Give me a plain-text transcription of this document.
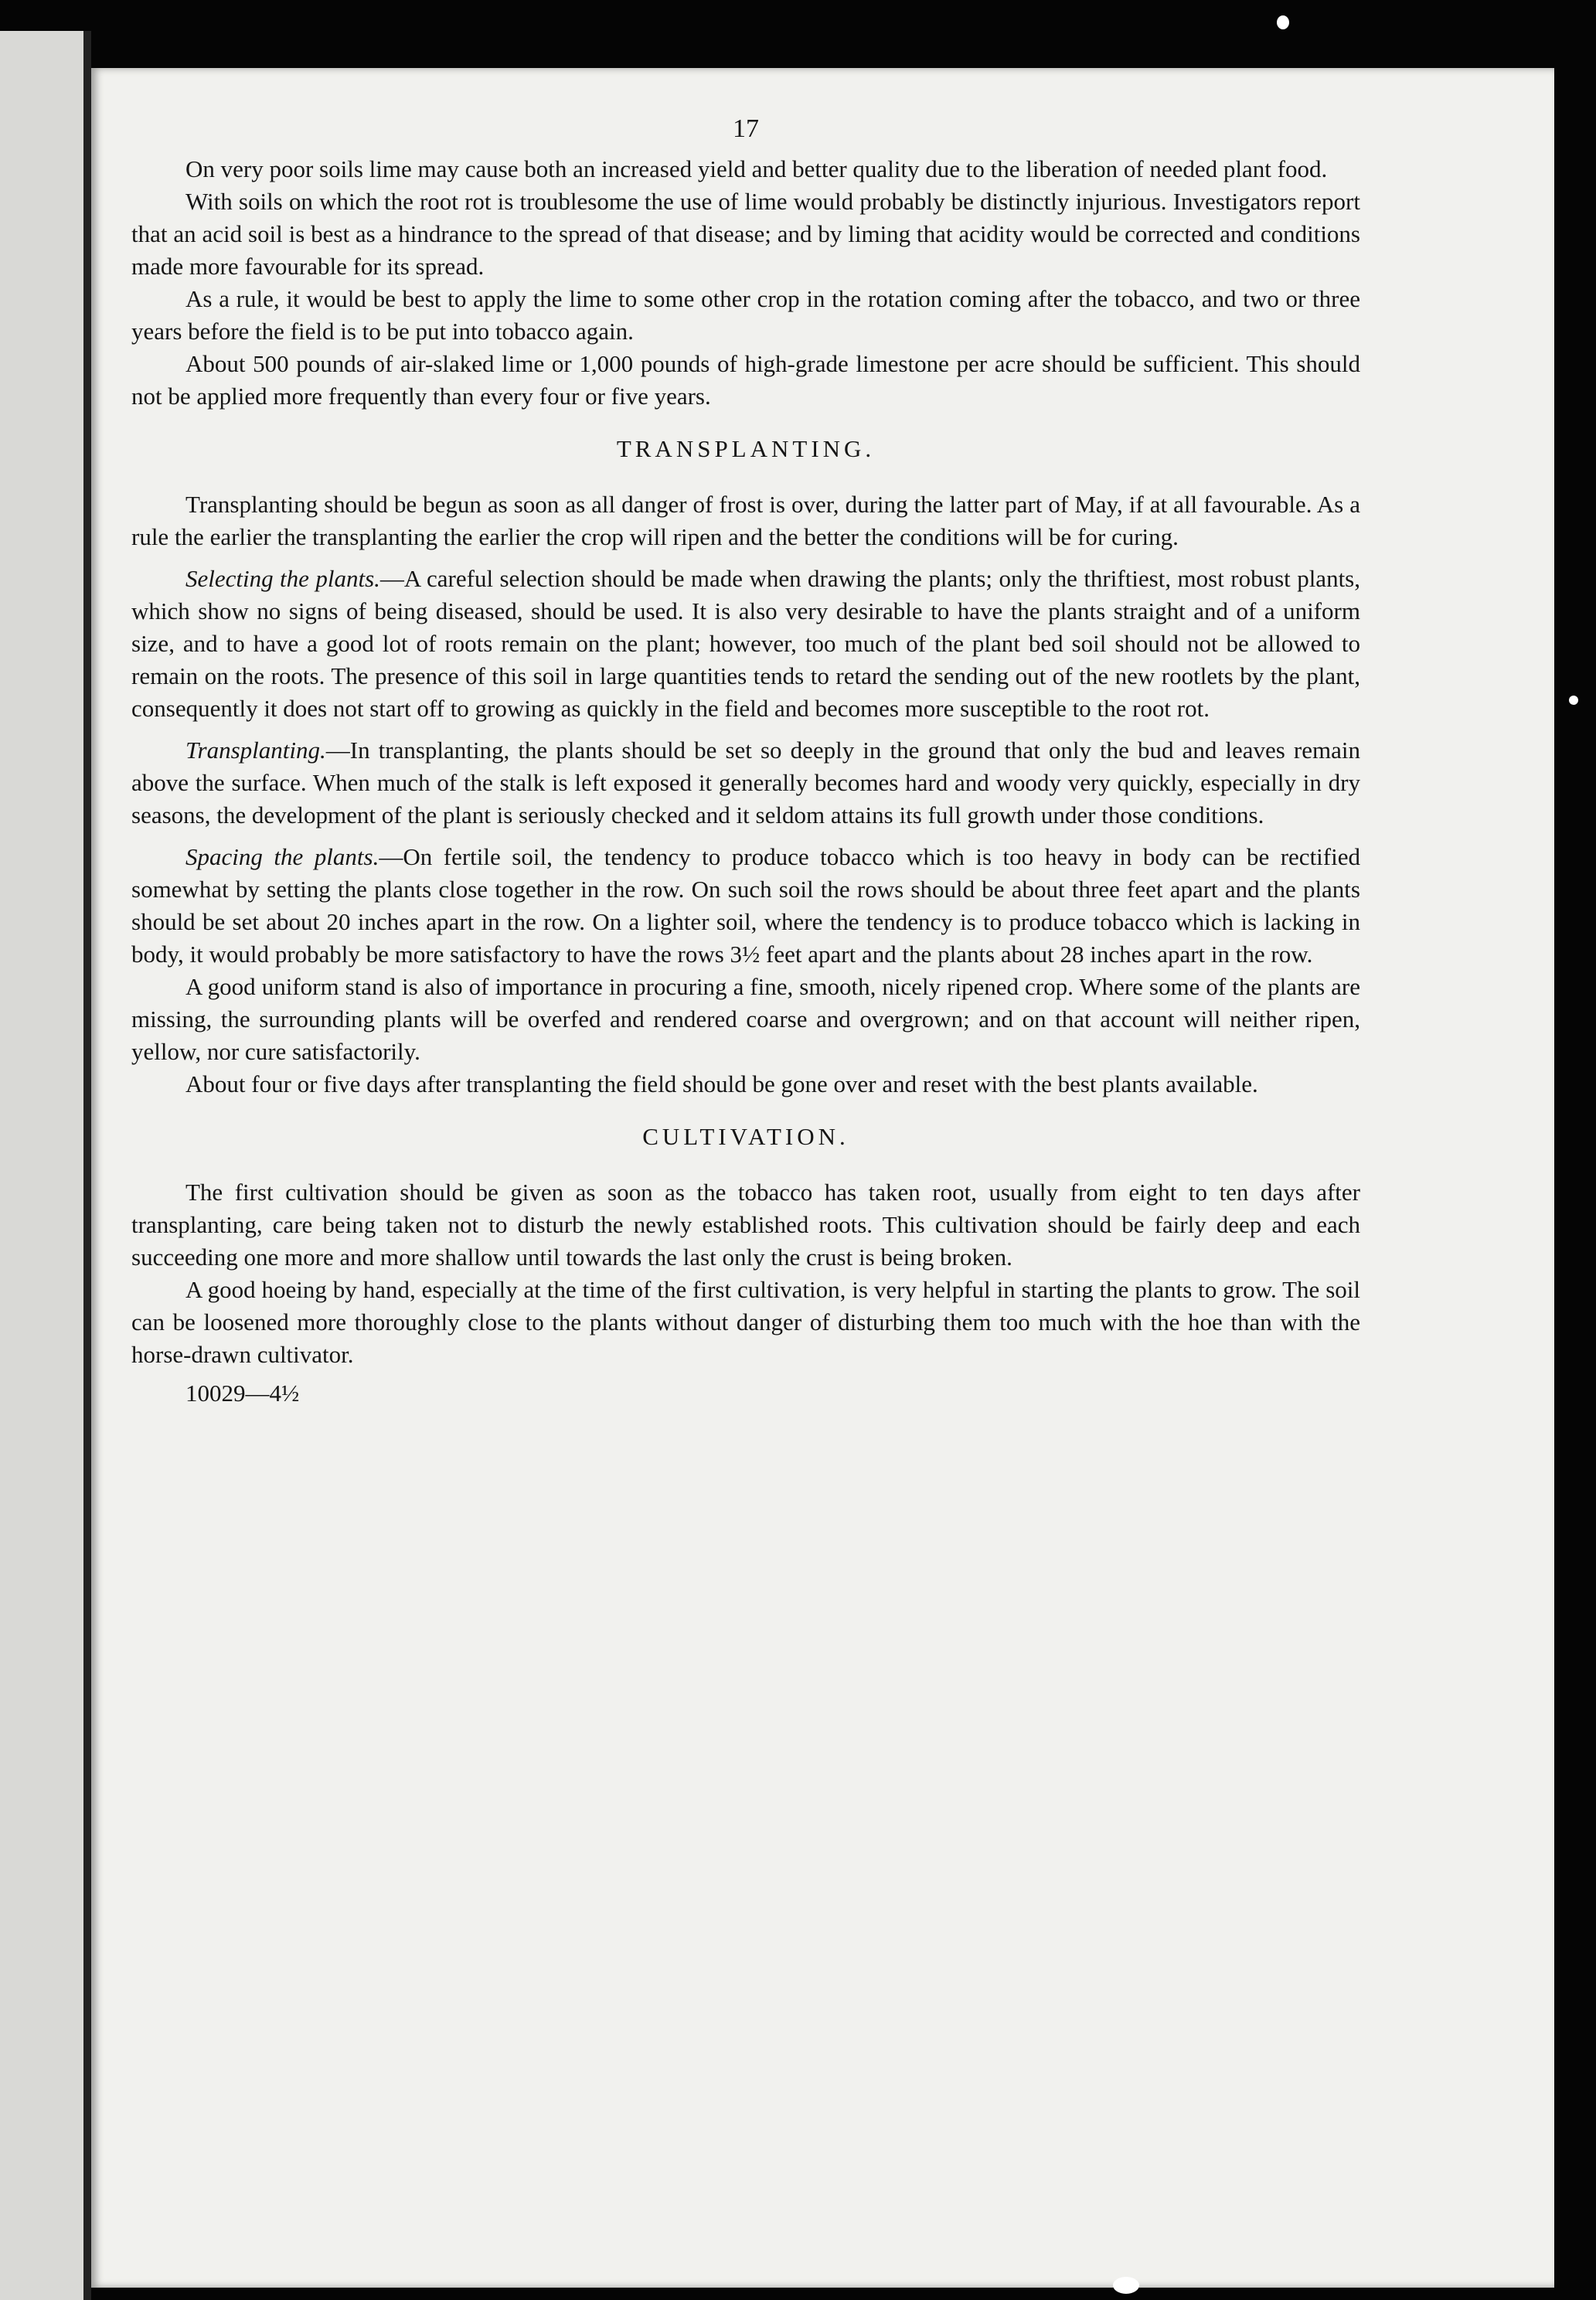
17

On very poor soils lime may cause both an increased yield and better quality due to the liberation of needed plant food.

With soils on which the root rot is troublesome the use of lime would probably be distinctly injurious. Investigators report that an acid soil is best as a hindrance to the spread of that disease; and by liming that acidity would be corrected and conditions made more favourable for its spread.

As a rule, it would be best to apply the lime to some other crop in the rotation coming after the tobacco, and two or three years before the field is to be put into tobacco again.

About 500 pounds of air-slaked lime or 1,000 pounds of high-grade limestone per acre should be sufficient. This should not be applied more frequently than every four or five years.

TRANSPLANTING.

Transplanting should be begun as soon as all danger of frost is over, during the latter part of May, if at all favourable. As a rule the earlier the transplanting the earlier the crop will ripen and the better the conditions will be for curing.

Selecting the plants.—A careful selection should be made when drawing the plants; only the thriftiest, most robust plants, which show no signs of being diseased, should be used. It is also very desirable to have the plants straight and of a uniform size, and to have a good lot of roots remain on the plant; however, too much of the plant bed soil should not be allowed to remain on the roots. The presence of this soil in large quantities tends to retard the sending out of the new rootlets by the plant, consequently it does not start off to growing as quickly in the field and becomes more susceptible to the root rot.

Transplanting.—In transplanting, the plants should be set so deeply in the ground that only the bud and leaves remain above the surface. When much of the stalk is left exposed it generally becomes hard and woody very quickly, especially in dry seasons, the development of the plant is seriously checked and it seldom attains its full growth under those conditions.

Spacing the plants.—On fertile soil, the tendency to produce tobacco which is too heavy in body can be rectified somewhat by setting the plants close together in the row. On such soil the rows should be about three feet apart and the plants should be set about 20 inches apart in the row. On a lighter soil, where the tendency is to produce tobacco which is lacking in body, it would probably be more satisfactory to have the rows 3½ feet apart and the plants about 28 inches apart in the row.

A good uniform stand is also of importance in procuring a fine, smooth, nicely ripened crop. Where some of the plants are missing, the surrounding plants will be overfed and rendered coarse and overgrown; and on that account will neither ripen, yellow, nor cure satisfactorily.

About four or five days after transplanting the field should be gone over and reset with the best plants available.

CULTIVATION.

The first cultivation should be given as soon as the tobacco has taken root, usually from eight to ten days after transplanting, care being taken not to disturb the newly established roots. This cultivation should be fairly deep and each succeeding one more and more shallow until towards the last only the crust is being broken.

A good hoeing by hand, especially at the time of the first cultivation, is very helpful in starting the plants to grow. The soil can be loosened more thoroughly close to the plants without danger of disturbing them too much with the hoe than with the horse-drawn cultivator.

10029—4½
